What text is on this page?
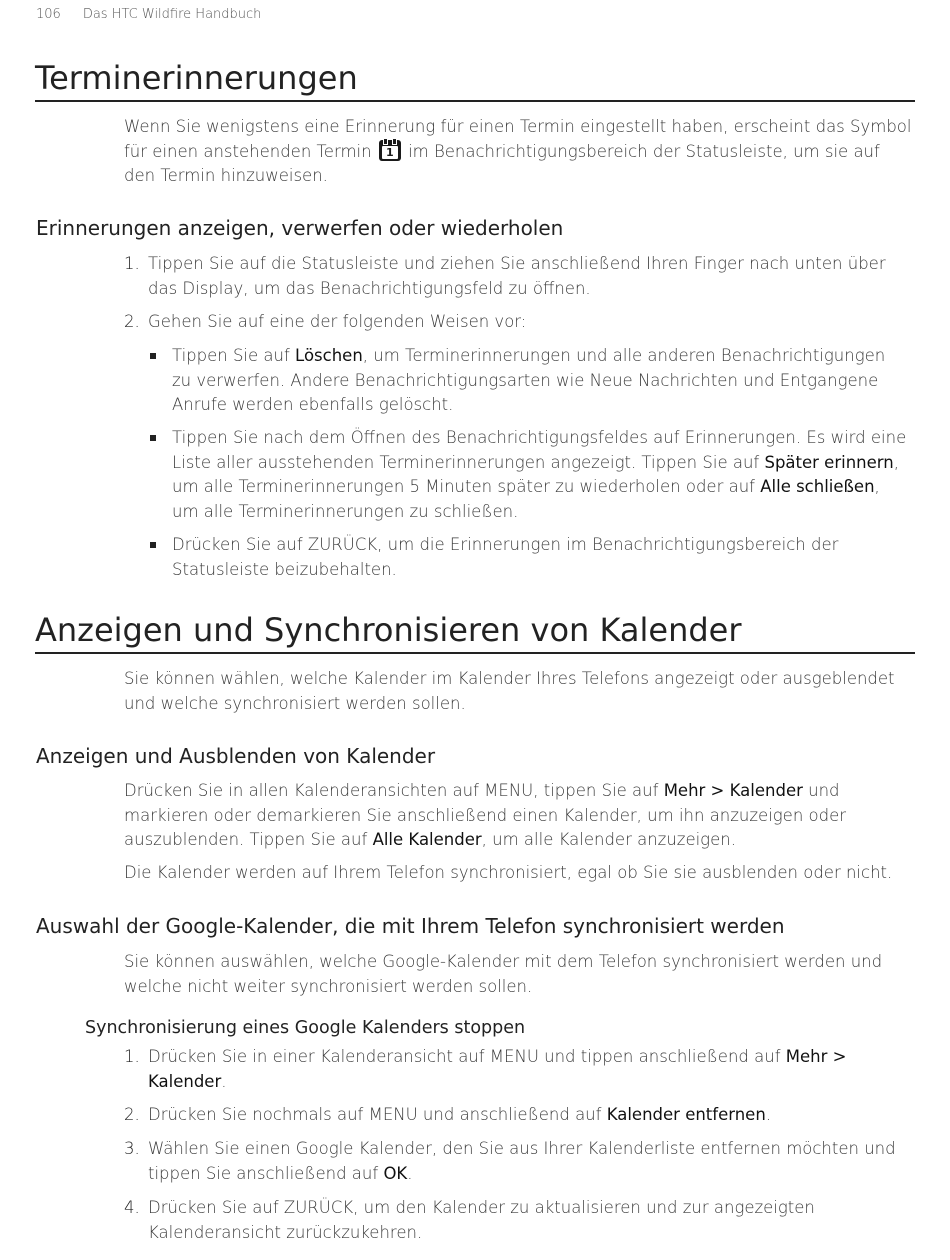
106 Das HTC Wildfire Handbuch
Terminerinnerungen

Wenn Sie wenigstens eine Erinnerung für einen Termin eingestellt haben, erscheint das Symbol für einen anstehenden Termin	1 im Benachrichtigungsbereich der Statusleiste, um sie auf den Termin hinzuweisen.

Erinnerungen anzeigen, verwerfen oder wiederholen
1. Tippen Sie auf die Statusleiste und ziehen Sie anschließend Ihren Finger nach unten über das Display, um das Benachrichtigungsfeld zu öffnen.
2. Gehen Sie auf eine der folgenden Weisen vor:
Tippen Sie auf Löschen, um Terminerinnerungen und alle anderen Benachrichtigungen zu verwerfen. Andere Benachrichtigungsarten wie Neue Nachrichten und Entgangene Anrufe werden ebenfalls gelöscht.
Tippen Sie nach dem Öffnen des Benachrichtigungsfeldes auf Erinnerungen. Es wird eine Liste aller ausstehenden Terminerinnerungen angezeigt. Tippen Sie auf Später erinnern, um alle Terminerinnerungen 5 Minuten später zu wiederholen oder auf Alle schließen, um alle Terminerinnerungen zu schließen.
Drücken Sie auf ZURÜCK, um die Erinnerungen im Benachrichtigungsbereich der Statusleiste beizubehalten.
Anzeigen und Synchronisieren von Kalender

Sie können wählen, welche Kalender im Kalender Ihres Telefons angezeigt oder ausgeblendet und welche synchronisiert werden sollen.

Anzeigen und Ausblenden von Kalender

Drücken Sie in allen Kalenderansichten auf MENU, tippen Sie auf Mehr > Kalender und markieren oder demarkieren Sie anschließend einen Kalender, um ihn anzuzeigen oder auszublenden. Tippen Sie auf Alle Kalender, um alle Kalender anzuzeigen.

Die Kalender werden auf Ihrem Telefon synchronisiert, egal ob Sie sie ausblenden oder nicht.

Auswahl der Google-Kalender, die mit Ihrem Telefon synchronisiert werden

Sie können auswählen, welche Google-Kalender mit dem Telefon synchronisiert werden und welche nicht weiter synchronisiert werden sollen.

Synchronisierung eines Google Kalenders stoppen
1. Drücken Sie in einer Kalenderansicht auf MENU und tippen anschließend auf Mehr > Kalender.
2. Drücken Sie nochmals auf MENU und anschließend auf Kalender entfernen.
3. Wählen Sie einen Google Kalender, den Sie aus Ihrer Kalenderliste entfernen möchten und tippen Sie anschließend auf OK.
4. Drücken Sie auf ZURÜCK, um den Kalender zu aktualisieren und zur angezeigten Kalenderansicht zurückzukehren.
